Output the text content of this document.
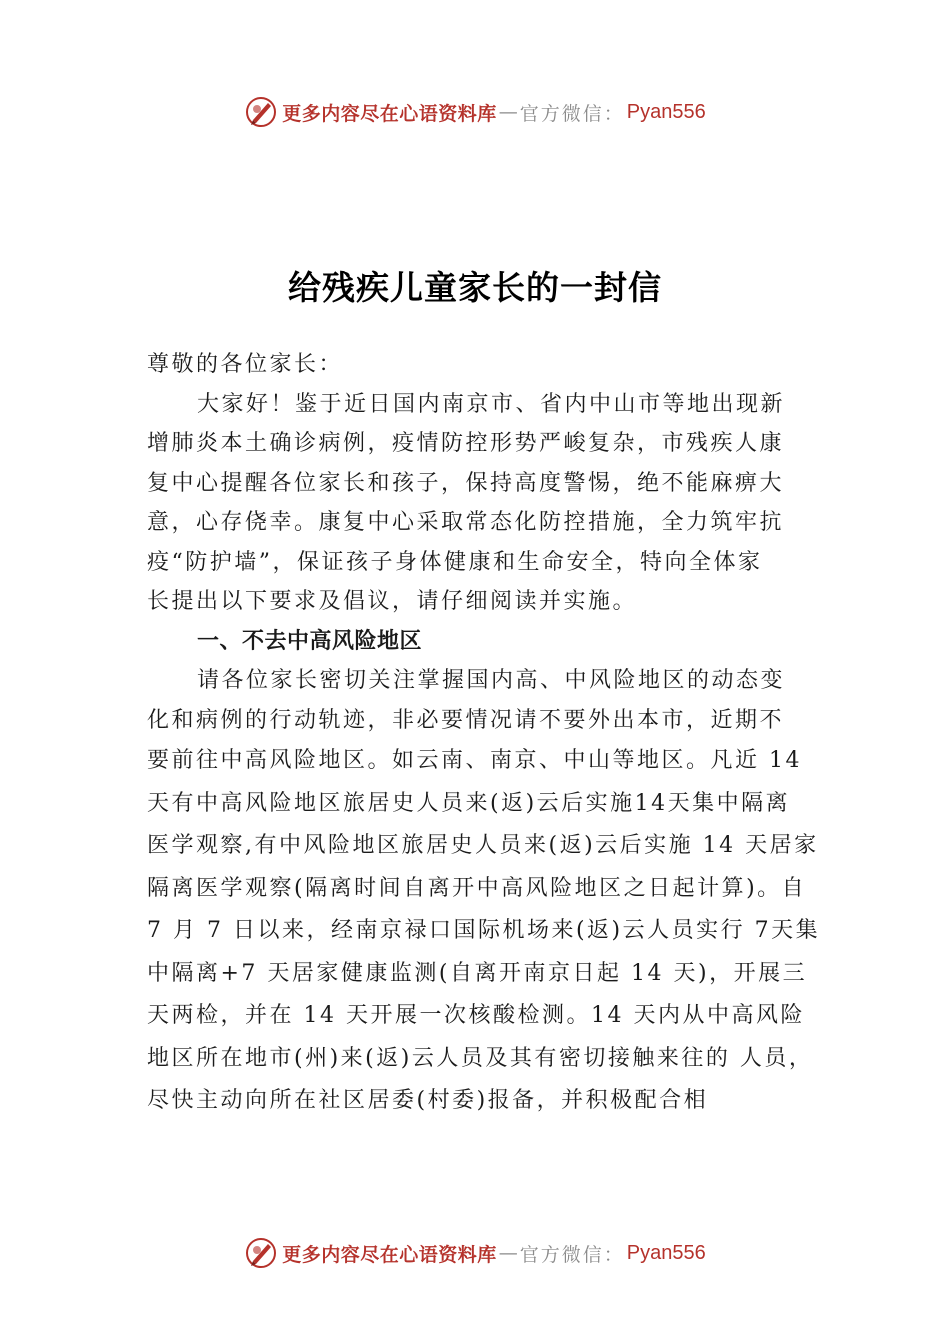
更多内容尽在心语资料库 — 官方微信： Pyan556
给残疾儿童家长的一封信
尊敬的各位家长：
大家好！鉴于近日国内南京市、省内中山市等地出现新
增肺炎本土确诊病例，疫情防控形势严峻复杂，市残疾人康
复中心提醒各位家长和孩子，保持高度警惕，绝不能麻痹大
意，心存侥幸。康复中心采取常态化防控措施，全力筑牢抗
疫“防护墙”，保证孩子身体健康和生命安全，特向全体家
长提出以下要求及倡议，请仔细阅读并实施。
一、不去中高风险地区
请各位家长密切关注掌握国内高、中风险地区的动态变
化和病例的行动轨迹，非必要情况请不要外出本市，近期不
要前往中高风险地区。如云南、南京、中山等地区。凡近 14
天有中高风险地区旅居史人员来(返)云后实施14天集中隔离
医学观察,有中风险地区旅居史人员来(返)云后实施 14 天居家
隔离医学观察(隔离时间自离开中高风险地区之日起计算)。自
7 月 7 日以来，经南京禄口国际机场来(返)云人员实行 7天集
中隔离+7 天居家健康监测(自离开南京日起 14 天)，开展三
天两检，并在 14 天开展一次核酸检测。14 天内从中高风险
地区所在地市(州)来(返)云人员及其有密切接触来往的 人员，
尽快主动向所在社区居委(村委)报备，并积极配合相
更多内容尽在心语资料库 — 官方微信： Pyan556
